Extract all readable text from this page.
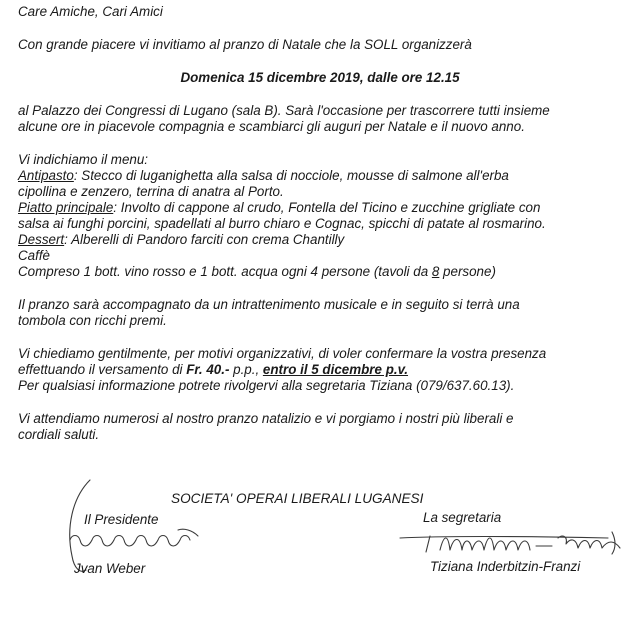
Care Amiche, Cari Amici
Con grande piacere vi invitiamo al pranzo di Natale che la SOLL organizzerà
Domenica 15 dicembre 2019, dalle ore 12.15
al Palazzo dei Congressi di Lugano (sala B). Sarà l'occasione per trascorrere tutti insieme
alcune ore in piacevole compagnia e scambiarci gli auguri per Natale e il nuovo anno.
Vi indichiamo il menu:
Antipasto: Stecco di luganighetta alla salsa di nocciole, mousse di salmone all'erba
cipollina e zenzero, terrina di anatra al Porto.
Piatto principale: Involto di cappone al crudo, Fontella del Ticino e zucchine grigliate con
salsa ai funghi porcini, spadellati al burro chiaro e Cognac, spicchi di patate al rosmarino.
Dessert: Alberelli di Pandoro farciti con crema Chantilly
Caffè
Compreso 1 bott. vino rosso e 1 bott. acqua ogni 4 persone (tavoli da 8 persone)
Il pranzo sarà accompagnato da un intrattenimento musicale e in seguito si terrà una
tombola con ricchi premi.
Vi chiediamo gentilmente, per motivi organizzativi, di voler confermare la vostra presenza
effettuando il versamento di Fr. 40.- p.p., entro il 5 dicembre p.v.
Per qualsiasi informazione potrete rivolgervi alla segretaria Tiziana (079/637.60.13).
Vi attendiamo numerosi al nostro pranzo natalizio e vi porgiamo i nostri più liberali e
cordiali saluti.
SOCIETA' OPERAI LIBERALI LUGANESI
Il Presidente	La segretaria
Jvan Weber	Tiziana Inderbitzin-Franzi
